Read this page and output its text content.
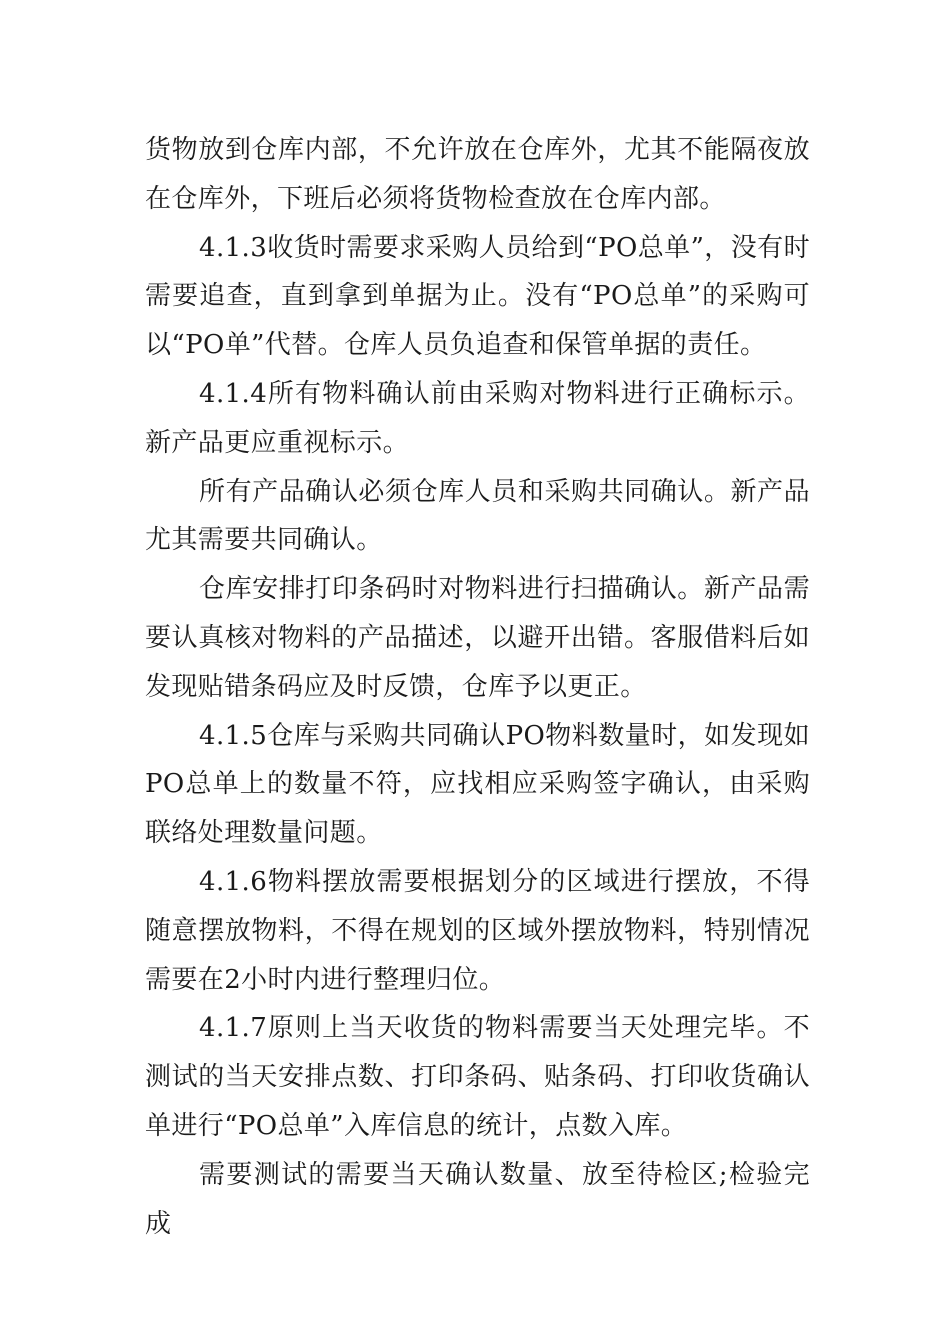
货物放到仓库内部，不允许放在仓库外，尤其不能隔夜放在仓库外，下班后必须将货物检查放在仓库内部。

4.1.3收货时需要求采购人员给到“PO总单”，没有时需要追查，直到拿到单据为止。没有“PO总单”的采购可以“PO单”代替。仓库人员负追查和保管单据的责任。

4.1.4所有物料确认前由采购对物料进行正确标示。新产品更应重视标示。

所有产品确认必须仓库人员和采购共同确认。新产品尤其需要共同确认。

仓库安排打印条码时对物料进行扫描确认。新产品需要认真核对物料的产品描述，以避开出错。客服借料后如发现贴错条码应及时反馈，仓库予以更正。

4.1.5仓库与采购共同确认PO物料数量时，如发现如PO总单上的数量不符，应找相应采购签字确认，由采购联络处理数量问题。

4.1.6物料摆放需要根据划分的区域进行摆放，不得随意摆放物料，不得在规划的区域外摆放物料，特别情况需要在2小时内进行整理归位。

4.1.7原则上当天收货的物料需要当天处理完毕。不测试的当天安排点数、打印条码、贴条码、打印收货确认单进行“PO总单”入库信息的统计，点数入库。

需要测试的需要当天确认数量、放至待检区;检验完成
